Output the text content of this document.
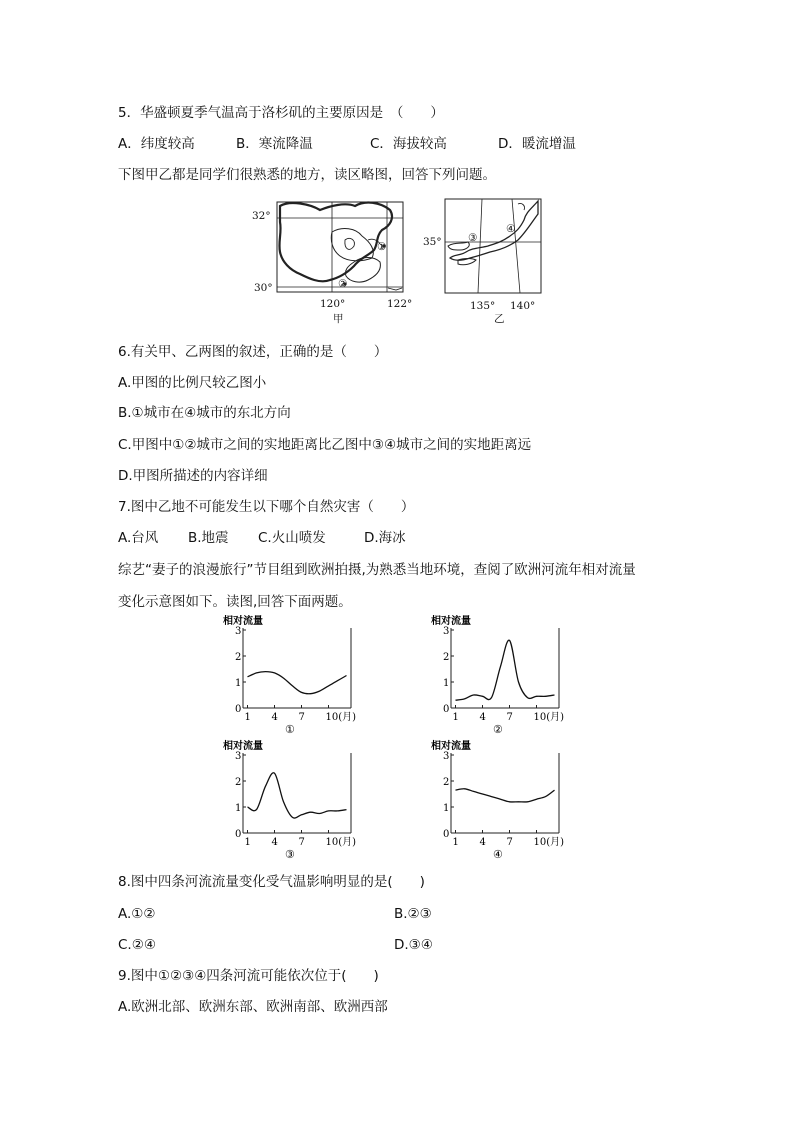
5．华盛顿夏季气温高于洛杉矶的主要原因是　（　　）
A．纬度较高	B．寒流降温	C．海拔较高	D．暖流增温
下图甲乙都是同学们很熟悉的地方，读区略图，回答下列问题。
32°
30°
120°	122°
甲
①
②
35°
135° 140°
乙
③
④
6.有关甲、乙两图的叙述，正确的是（　　）
A.甲图的比例尺较乙图小
B.①城市在④城市的东北方向
C.甲图中①②城市之间的实地距离比乙图中③④城市之间的实地距离远
D.甲图所描述的内容详细
7.图中乙地不可能发生以下哪个自然灾害（　　）
A.台风 B.地震 C.火山喷发	D.海冰
综艺“妻子的浪漫旅行”节目组到欧洲拍摄,为熟悉当地环境，查阅了欧洲河流年相对流量
变化示意图如下。读图,回答下面两题。
相对流量
0
1
2
3
1 4 7 10(月)
①
相对流量
0
1
2
3
1 4 7 10(月)
②
相对流量
0
1
2
3
1 4 7 10(月)
③
相对流量
0
1
2
3
1 4 7 10(月)
④
8.图中四条河流流量变化受气温影响明显的是(　　)
A.①②	B.②③
C.②④	D.③④
9.图中①②③④四条河流可能依次位于(　　)
A.欧洲北部、欧洲东部、欧洲南部、欧洲西部
